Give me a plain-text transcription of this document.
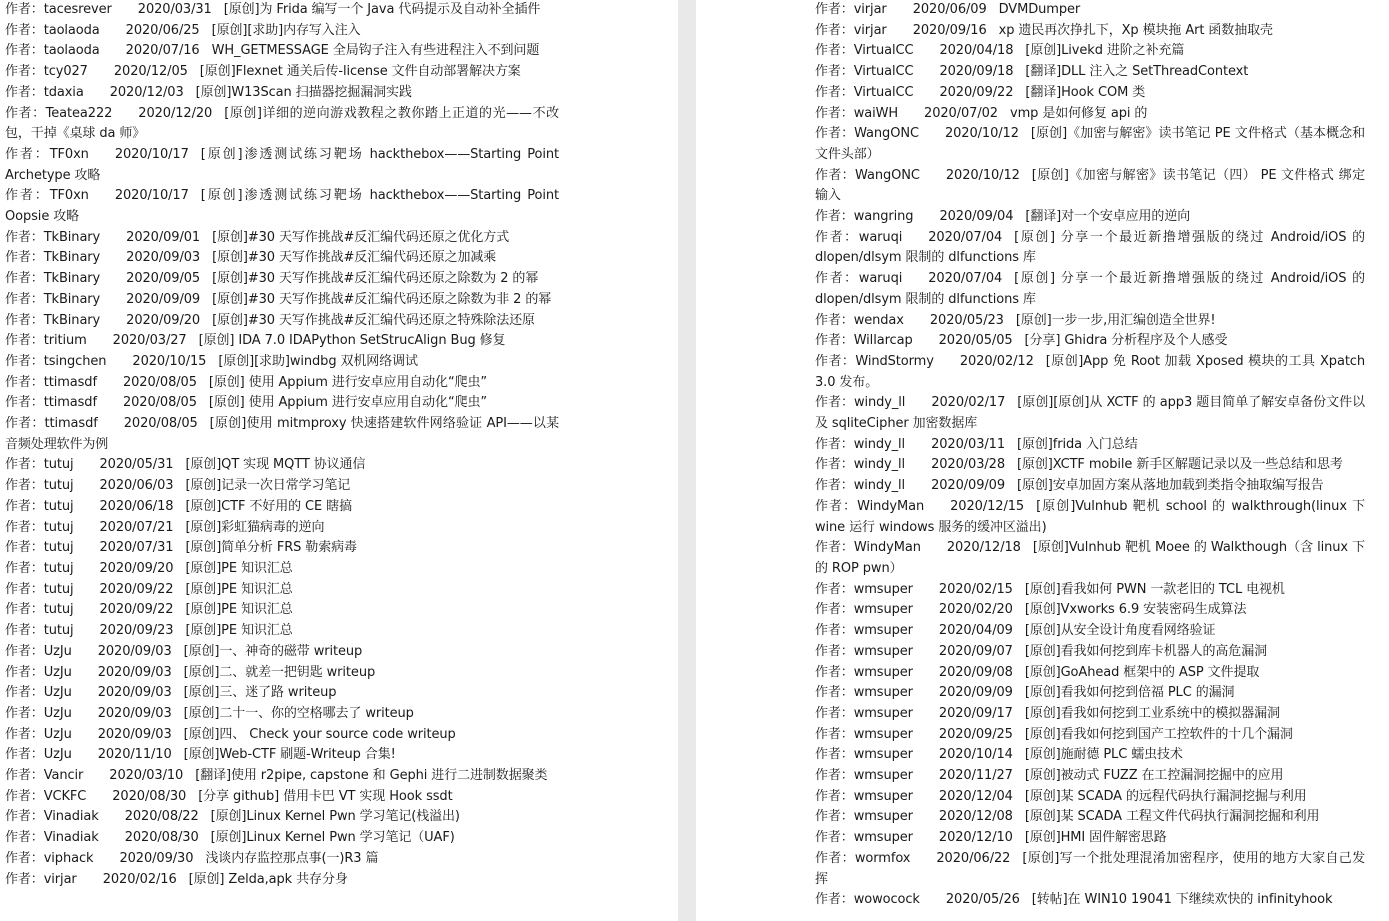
作者：tacesrever 2020/03/31 [原创]为 Frida 编写一个 Java 代码提示及自动补全插件

作者：taolaoda 2020/06/25 [原创][求助]内存写入注入

作者：taolaoda 2020/07/16 WH_GETMESSAGE 全局钩子注入有些进程注入不到问题

作者：tcy027 2020/12/05 [原创]Flexnet 通关后传-license 文件自动部署解决方案

作者：tdaxia 2020/12/03 [原创]W13Scan 扫描器挖掘漏洞实践

作者：Teatea222 2020/12/20 [原创]详细的逆向游戏教程之教你踏上正道的光——不改包，干掉《桌球 da 师》

作者：TF0xn 2020/10/17 [原创]渗透测试练习靶场 hackthebox——Starting Point Archetype 攻略

作者：TF0xn 2020/10/17 [原创]渗透测试练习靶场 hackthebox——Starting Point Oopsie 攻略

作者：TkBinary 2020/09/01 [原创]#30 天写作挑战#反汇编代码还原之优化方式

作者：TkBinary 2020/09/03 [原创]#30 天写作挑战#反汇编代码还原之加减乘

作者：TkBinary 2020/09/05 [原创]#30 天写作挑战#反汇编代码还原之除数为 2 的幂

作者：TkBinary 2020/09/09 [原创]#30 天写作挑战#反汇编代码还原之除数为非 2 的幂

作者：TkBinary 2020/09/20 [原创]#30 天写作挑战#反汇编代码还原之特殊除法还原

作者：tritium 2020/03/27 [原创] IDA 7.0 IDAPython SetStrucAlign Bug 修复

作者：tsingchen 2020/10/15 [原创][求助]windbg 双机网络调试

作者：ttimasdf 2020/08/05 [原创] 使用 Appium 进行安卓应用自动化“爬虫”

作者：ttimasdf 2020/08/05 [原创] 使用 Appium 进行安卓应用自动化“爬虫”

作者：ttimasdf 2020/08/05 [原创]使用 mitmproxy 快速搭建软件网络验证 API——以某音频处理软件为例

作者：tutuj 2020/05/31 [原创]QT 实现 MQTT 协议通信

作者：tutuj 2020/06/03 [原创]记录一次日常学习笔记

作者：tutuj 2020/06/18 [原创]CTF 不好用的 CE 瞎搞

作者：tutuj 2020/07/21 [原创]彩虹猫病毒的逆向

作者：tutuj 2020/07/31 [原创]简单分析 FRS 勒索病毒

作者：tutuj 2020/09/20 [原创]PE 知识汇总

作者：tutuj 2020/09/22 [原创]PE 知识汇总

作者：tutuj 2020/09/22 [原创]PE 知识汇总

作者：tutuj 2020/09/23 [原创]PE 知识汇总

作者：UzJu 2020/09/03 [原创]一、神奇的磁带 writeup

作者：UzJu 2020/09/03 [原创]二、就差一把钥匙 writeup

作者：UzJu 2020/09/03 [原创]三、迷了路 writeup

作者：UzJu 2020/09/03 [原创]二十一、你的空格哪去了 writeup

作者：UzJu 2020/09/03 [原创]四、 Check your source code writeup

作者：UzJu 2020/11/10 [原创]Web-CTF 刷题-Writeup 合集!

作者：Vancir 2020/03/10 [翻译]使用 r2pipe, capstone 和 Gephi 进行二进制数据聚类

作者：VCKFC 2020/08/30 [分享 github] 借用卡巴 VT 实现 Hook ssdt

作者：Vinadiak 2020/08/22 [原创]Linux Kernel Pwn 学习笔记(栈溢出)

作者：Vinadiak 2020/08/30 [原创]Linux Kernel Pwn 学习笔记（UAF)

作者：viphack 2020/09/30 浅谈内存监控那点事(一)R3 篇

作者：virjar 2020/02/16 [原创] Zelda,apk 共存分身

作者：virjar 2020/06/09 DVMDumper

作者：virjar 2020/09/16 xp 遗民再次挣扎下，Xp 模块拖 Art 函数抽取壳

作者：VirtualCC 2020/04/18 [原创]Livekd 进阶之补充篇

作者：VirtualCC 2020/09/18 [翻译]DLL 注入之 SetThreadContext

作者：VirtualCC 2020/09/22 [翻译]Hook COM 类

作者：waiWH 2020/07/02 vmp 是如何修复 api 的

作者：WangONC 2020/10/12 [原创]《加密与解密》读书笔记 PE 文件格式（基本概念和文件头部）

作者：WangONC 2020/10/12 [原创]《加密与解密》读书笔记（四） PE 文件格式 绑定输入

作者：wangring 2020/09/04 [翻译]对一个安卓应用的逆向

作者：waruqi 2020/07/04 [原创] 分享一个最近新撸增强版的绕过 Android/iOS 的 dlopen/dlsym 限制的 dlfunctions 库

作者：waruqi 2020/07/04 [原创] 分享一个最近新撸增强版的绕过 Android/iOS 的 dlopen/dlsym 限制的 dlfunctions 库

作者：wendax 2020/05/23 [原创]一步一步,用汇编创造全世界!

作者：Willarcap 2020/05/05 [分享] Ghidra 分析程序及个人感受

作者：WindStormy 2020/02/12 [原创]App 免 Root 加载 Xposed 模块的工具 Xpatch 3.0 发布。

作者：windy_ll 2020/02/17 [原创][原创]从 XCTF 的 app3 题目简单了解安卓备份文件以及 sqliteCipher 加密数据库

作者：windy_ll 2020/03/11 [原创]frida 入门总结

作者：windy_ll 2020/03/28 [原创]XCTF mobile 新手区解题记录以及一些总结和思考

作者：windy_ll 2020/09/09 [原创]安卓加固方案从落地加载到类指令抽取编写报告

作者：WindyMan 2020/12/15 [原创]Vulnhub 靶机 school 的 walkthrough(linux 下 wine 运行 windows 服务的缓冲区溢出)

作者：WindyMan 2020/12/18 [原创]Vulnhub 靶机 Moee 的 Walkthough（含 linux 下的 ROP pwn）

作者：wmsuper 2020/02/15 [原创]看我如何 PWN 一款老旧的 TCL 电视机

作者：wmsuper 2020/02/20 [原创]Vxworks 6.9 安装密码生成算法

作者：wmsuper 2020/04/09 [原创]从安全设计角度看网络验证

作者：wmsuper 2020/09/07 [原创]看我如何挖到库卡机器人的高危漏洞

作者：wmsuper 2020/09/08 [原创]GoAhead 框架中的 ASP 文件提取

作者：wmsuper 2020/09/09 [原创]看我如何挖到倍福 PLC 的漏洞

作者：wmsuper 2020/09/17 [原创]看我如何挖到工业系统中的模拟器漏洞

作者：wmsuper 2020/09/25 [原创]看我如何挖到国产工控软件的十几个漏洞

作者：wmsuper 2020/10/14 [原创]施耐德 PLC 蠕虫技术

作者：wmsuper 2020/11/27 [原创]被动式 FUZZ 在工控漏洞挖掘中的应用

作者：wmsuper 2020/12/04 [原创]某 SCADA 的远程代码执行漏洞挖掘与利用

作者：wmsuper 2020/12/08 [原创]某 SCADA 工程文件代码执行漏洞挖掘和利用

作者：wmsuper 2020/12/10 [原创]HMI 固件解密思路

作者：wormfox 2020/06/22 [原创]写一个批处理混淆加密程序，使用的地方大家自己发挥

作者：wowocock 2020/05/26 [转帖]在 WIN10 19041 下继续欢快的 infinityhook
